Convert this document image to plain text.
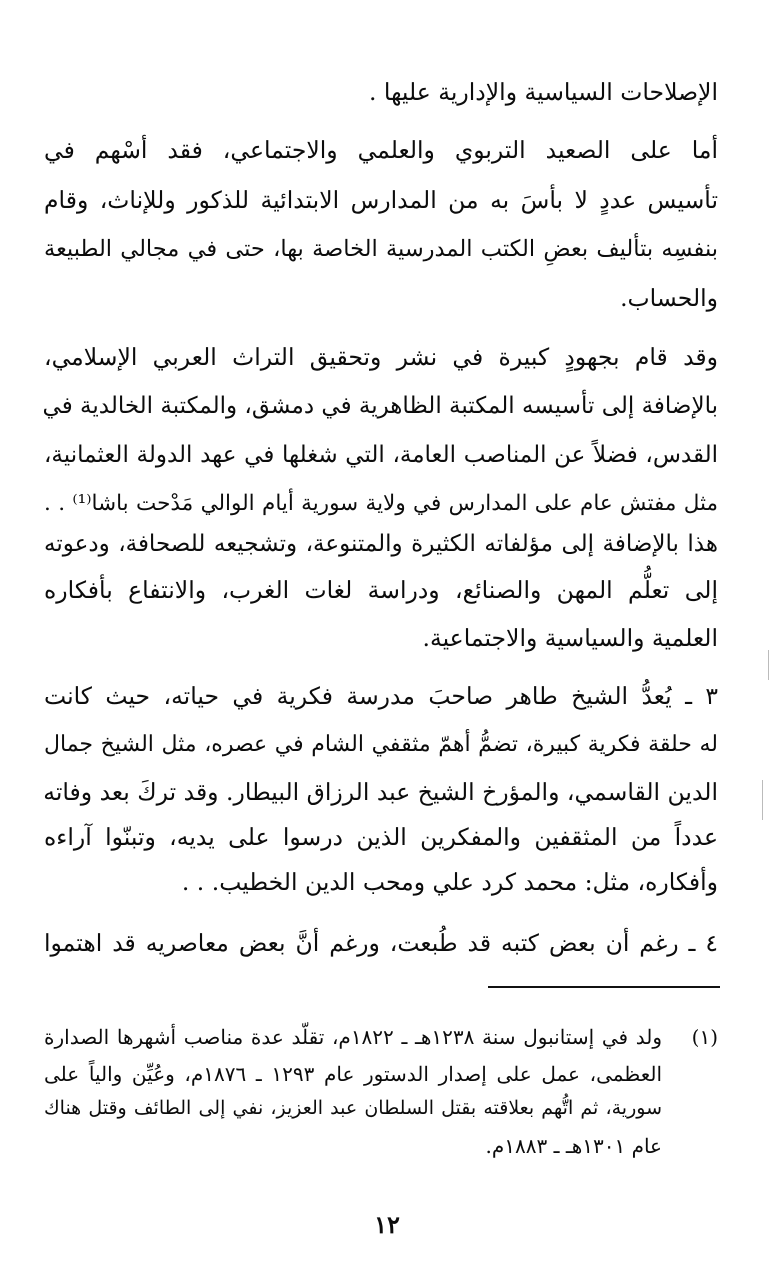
الإصلاحات السياسية والإدارية عليها .
أما على الصعيد التربوي والعلمي والاجتماعي، فقد أسْهم في
تأسيس عددٍ لا بأسَ به من المدارس الابتدائية للذكور وللإناث، وقام
بنفسِه بتأليف بعضِ الكتب المدرسية الخاصة بها، حتى في مجالي الطبيعة
والحساب.
وقد قام بجهودٍ كبيرة في نشر وتحقيق التراث العربي الإسلامي،
بالإضافة إلى تأسيسه المكتبة الظاهرية في دمشق، والمكتبة الخالدية في
القدس، فضلاً عن المناصب العامة، التي شغلها في عهد الدولة العثمانية،
مثل مفتش عام على المدارس في ولاية سورية أيام الوالي مَدْحت باشا⁽¹⁾ . .
هذا بالإضافة إلى مؤلفاته الكثيرة والمتنوعة، وتشجيعه للصحافة، ودعوته
إلى تعلُّم المهن والصنائع، ودراسة لغات الغرب، والانتفاع بأفكاره
العلمية والسياسية والاجتماعية.
٣ ـ يُعدُّ الشيخ طاهر صاحبَ مدرسة فكرية في حياته، حيث كانت
له حلقة فكرية كبيرة، تضمُّ أهمّ مثقفي الشام في عصره، مثل الشيخ جمال
الدين القاسمي، والمؤرخ الشيخ عبد الرزاق البيطار. وقد تركَ بعد وفاته
عدداً من المثقفين والمفكرين الذين درسوا على يديه، وتبنّوا آراءه
وأفكاره، مثل: محمد كرد علي ومحب الدين الخطيب. . .
٤ ـ رغم أن بعض كتبه قد طُبعت، ورغم أنَّ بعض معاصريه قد اهتموا
(١)
ولد في إستانبول سنة ١٢٣٨هـ ـ ١٨٢٢م، تقلّد عدة مناصب أشهرها الصدارة
العظمى، عمل على إصدار الدستور عام ١٢٩٣ ـ ١٨٧٦م، وعُيِّن والياً على
سورية، ثم اتُّهم بعلاقته بقتل السلطان عبد العزيز، نفي إلى الطائف وقتل هناك
عام ١٣٠١هـ ـ ١٨٨٣م.
١٢
